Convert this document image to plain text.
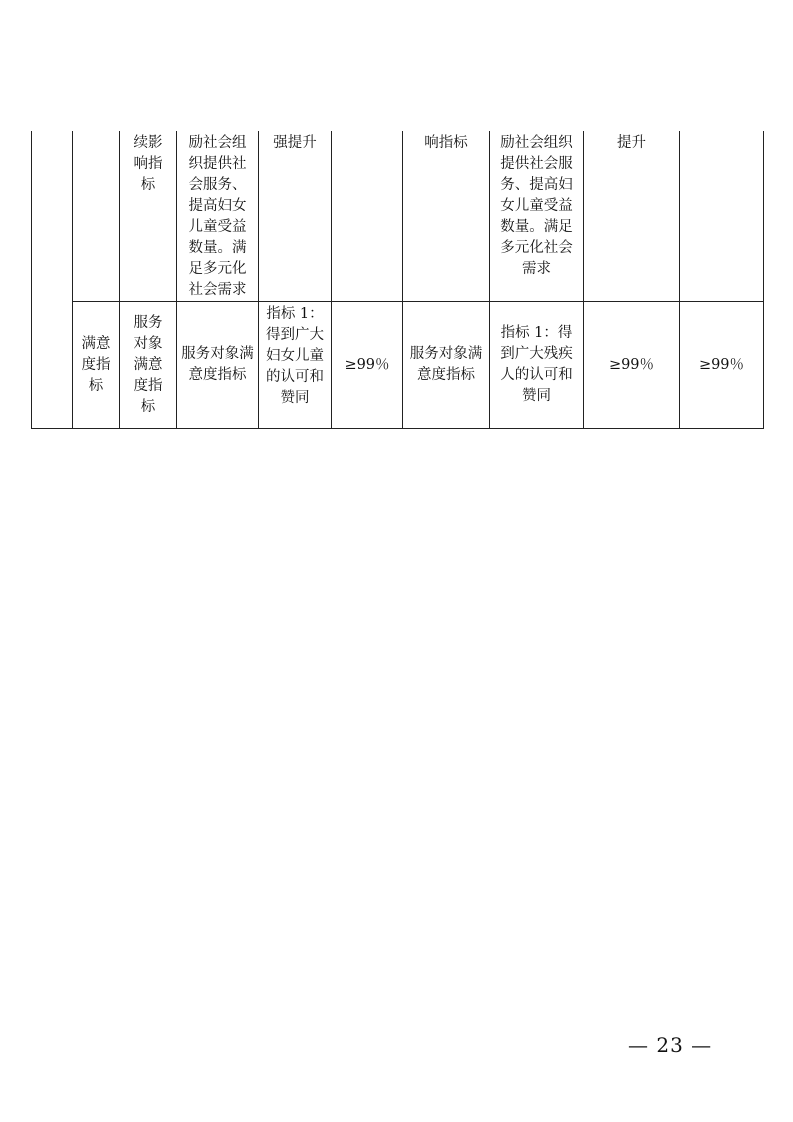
		续影响指标	励社会组织提供社会服务、提高妇女儿童受益数量。满足多元化社会需求	强提升		响指标	励社会组织提供社会服务、提高妇女儿童受益数量。满足多元化社会需求	提升	

	满意度指标	服务对象满意度指标	服务对象满意度指标	指标 1：得到广大妇女儿童的认可和赞同	≥99％	服务对象满意度指标	指标 1：得到广大残疾人的认可和赞同	≥99％	≥99％
— 23 —
